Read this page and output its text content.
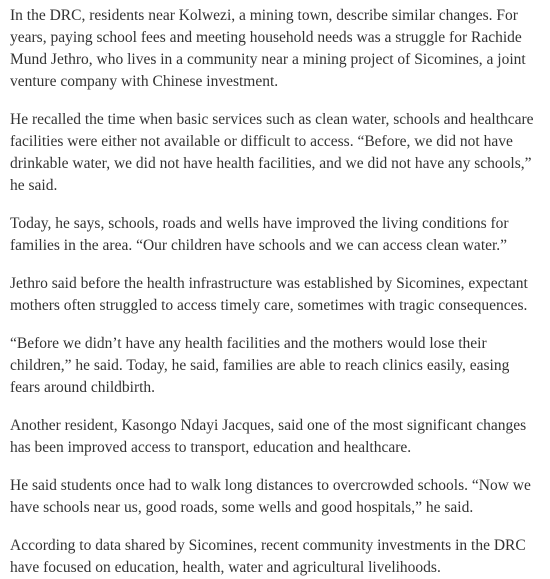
In the DRC, residents near Kolwezi, a mining town, describe similar changes. For years, paying school fees and meeting household needs was a struggle for Rachide Mund Jethro, who lives in a community near a mining project of Sicomines, a joint venture company with Chinese investment.

He recalled the time when basic services such as clean water, schools and healthcare facilities were either not available or difficult to access. “Before, we did not have drinkable water, we did not have health facilities, and we did not have any schools,” he said.

Today, he says, schools, roads and wells have improved the living conditions for families in the area. “Our children have schools and we can access clean water.”

Jethro said before the health infrastructure was established by Sicomines, expectant mothers often struggled to access timely care, sometimes with tragic consequences.

“Before we didn’t have any health facilities and the mothers would lose their children,” he said. Today, he said, families are able to reach clinics easily, easing fears around childbirth.

Another resident, Kasongo Ndayi Jacques, said one of the most significant changes has been improved access to transport, education and healthcare.

He said students once had to walk long distances to overcrowded schools. “Now we have schools near us, good roads, some wells and good hospitals,” he said.

According to data shared by Sicomines, recent community investments in the DRC have focused on education, health, water and agricultural livelihoods.
